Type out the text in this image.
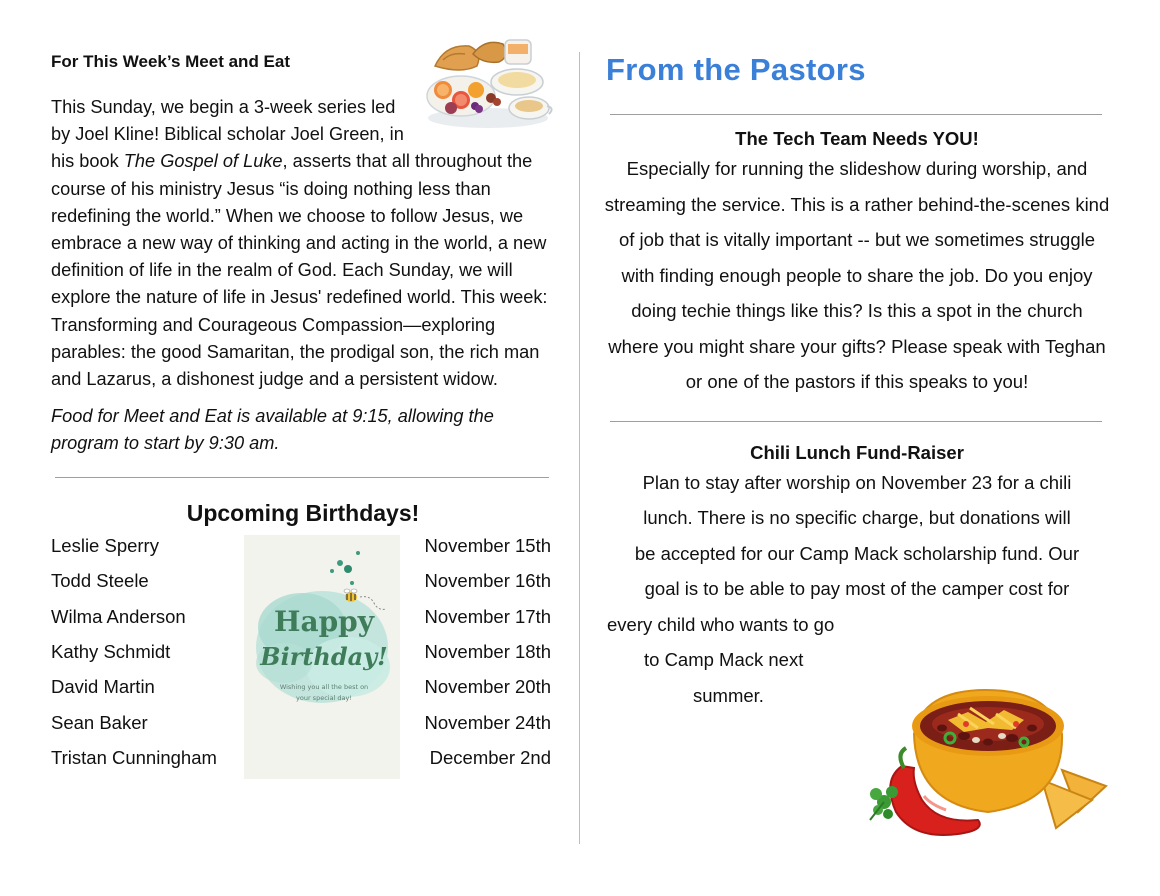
For This Week’s Meet and Eat

This Sunday, we begin a 3-week series led by Joel Kline! Biblical scholar Joel Green, in his book The Gospel of Luke, asserts that all throughout the course of his ministry Jesus “is doing nothing less than redefining the world.” When we choose to follow Jesus, we embrace a new way of thinking and acting in the world, a new definition of life in the realm of God. Each Sunday, we will explore the nature of life in Jesus' redefined world. This week: Transforming and Courageous Compassion—exploring parables: the good Samaritan, the prodigal son, the rich man and Lazarus, a dishonest judge and a persistent widow.

Food for Meet and Eat is available at 9:15, allowing the program to start by 9:30 am.

Upcoming Birthdays!
Leslie Sperry	November 15th
Todd Steele	November 16th
Wilma Anderson	November 17th
Kathy Schmidt	November 18th
David Martin	November 20th
Sean Baker	November 24th
Tristan Cunningham	December 2nd
Happy
Birthday!
Wishing you all the best on
your special day!
From the Pastors
The Tech Team Needs YOU!
Especially for running the slideshow during worship, and streaming the service. This is a rather behind-the-scenes kind of job that is vitally important -- but we sometimes struggle with finding enough people to share the job. Do you enjoy doing techie things like this? Is this a spot in the church where you might share your gifts? Please speak with Teghan or one of the pastors if this speaks to you!
Chili Lunch Fund-Raiser
Plan to stay after worship on November 23 for a chili
lunch. There is no specific charge, but donations will
be accepted for our Camp Mack scholarship fund. Our
goal is to be able to pay most of the camper cost for
every child who wants to go
to Camp Mack next
summer.
